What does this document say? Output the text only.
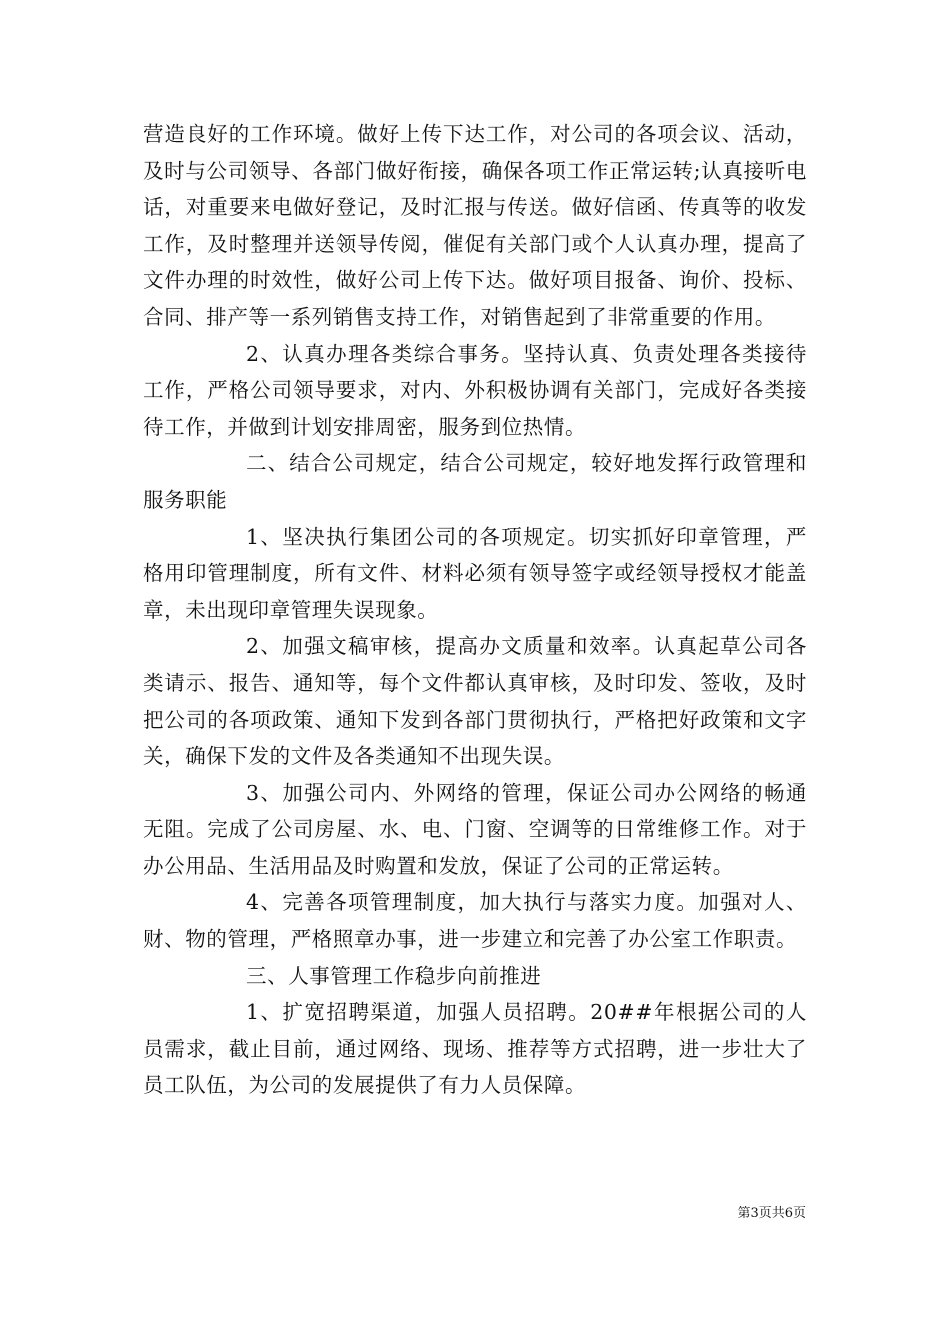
营造良好的工作环境。做好上传下达工作，对公司的各项会议、活动，及时与公司领导、各部门做好衔接，确保各项工作正常运转;认真接听电话，对重要来电做好登记，及时汇报与传送。做好信函、传真等的收发工作，及时整理并送领导传阅，催促有关部门或个人认真办理，提高了文件办理的时效性，做好公司上传下达。做好项目报备、询价、投标、合同、排产等一系列销售支持工作，对销售起到了非常重要的作用。

2、认真办理各类综合事务。坚持认真、负责处理各类接待工作，严格公司领导要求，对内、外积极协调有关部门，完成好各类接待工作，并做到计划安排周密，服务到位热情。

二、结合公司规定，结合公司规定，较好地发挥行政管理和服务职能

1、坚决执行集团公司的各项规定。切实抓好印章管理，严格用印管理制度，所有文件、材料必须有领导签字或经领导授权才能盖章，未出现印章管理失误现象。

2、加强文稿审核，提高办文质量和效率。认真起草公司各类请示、报告、通知等，每个文件都认真审核，及时印发、签收，及时把公司的各项政策、通知下发到各部门贯彻执行，严格把好政策和文字关，确保下发的文件及各类通知不出现失误。

3、加强公司内、外网络的管理，保证公司办公网络的畅通无阻。完成了公司房屋、水、电、门窗、空调等的日常维修工作。对于办公用品、生活用品及时购置和发放，保证了公司的正常运转。

4、完善各项管理制度，加大执行与落实力度。加强对人、财、物的管理，严格照章办事，进一步建立和完善了办公室工作职责。

三、人事管理工作稳步向前推进

1、扩宽招聘渠道，加强人员招聘。20##年根据公司的人员需求，截止目前，通过网络、现场、推荐等方式招聘，进一步壮大了员工队伍，为公司的发展提供了有力人员保障。

第3页共6页
